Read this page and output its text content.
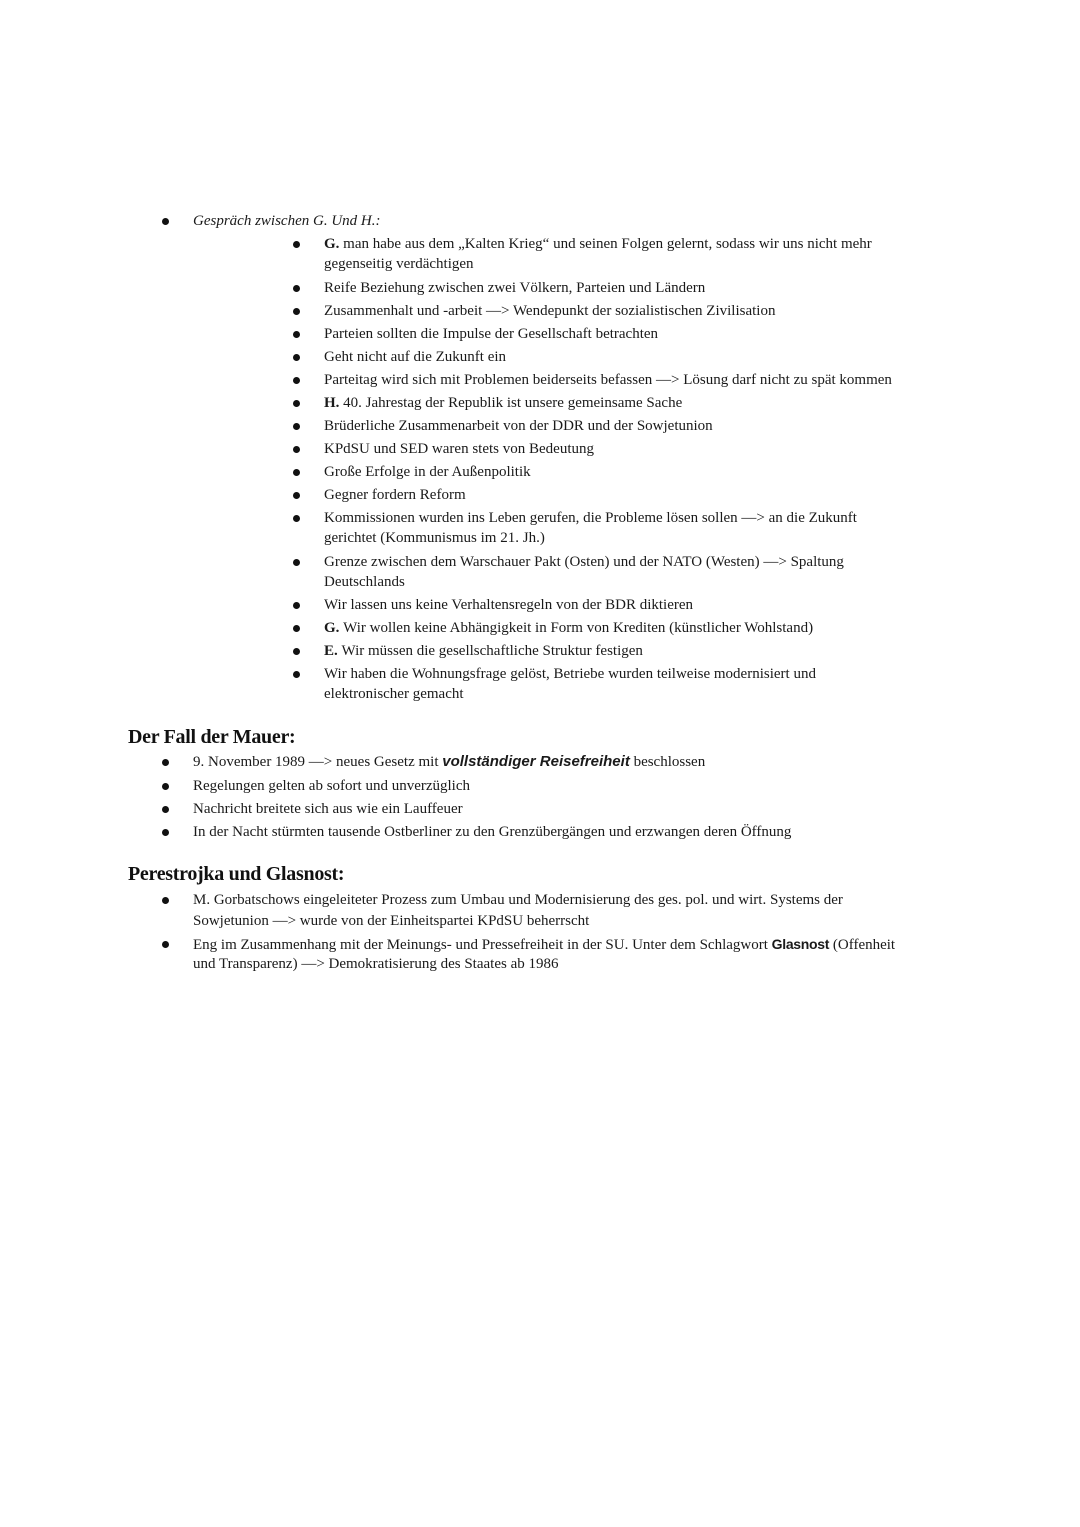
Gespräch zwischen G. Und H.:
G. man habe aus dem „Kalten Krieg“ und seinen Folgen gelernt, sodass wir uns nicht mehr
gegenseitig verdächtigen
Reife Beziehung zwischen zwei Völkern, Parteien und Ländern
Zusammenhalt und -arbeit —> Wendepunkt der sozialistischen Zivilisation
Parteien sollten die Impulse der Gesellschaft betrachten
Geht nicht auf die Zukunft ein
Parteitag wird sich mit Problemen beiderseits befassen —> Lösung darf nicht zu spät kommen
H. 40. Jahrestag der Republik ist unsere gemeinsame Sache
Brüderliche Zusammenarbeit von der DDR und der Sowjetunion
KPdSU und SED waren stets von Bedeutung
Große Erfolge in der Außenpolitik
Gegner fordern Reform
Kommissionen wurden ins Leben gerufen, die Probleme lösen sollen —> an die Zukunft
gerichtet (Kommunismus im 21. Jh.)
Grenze zwischen dem Warschauer Pakt (Osten) und der NATO (Westen) —> Spaltung
Deutschlands
Wir lassen uns keine Verhaltensregeln von der BDR diktieren
G. Wir wollen keine Abhängigkeit in Form von Krediten (künstlicher Wohlstand)
E. Wir müssen die gesellschaftliche Struktur festigen
Wir haben die Wohnungsfrage gelöst, Betriebe wurden teilweise modernisiert und
elektronischer gemacht
Der Fall der Mauer:
9. November 1989 —> neues Gesetz mit vollständiger Reisefreiheit beschlossen
Regelungen gelten ab sofort und unverzüglich
Nachricht breitete sich aus wie ein Lauffeuer
In der Nacht stürmten tausende Ostberliner zu den Grenzübergängen und erzwangen deren Öffnung
Perestrojka und Glasnost:
M. Gorbatschows eingeleiteter Prozess zum Umbau und Modernisierung des ges. pol. und wirt. Systems der
Sowjetunion —> wurde von der Einheitspartei KPdSU beherrscht
Eng im Zusammenhang mit der Meinungs- und Pressefreiheit in der SU. Unter dem Schlagwort Glasnost (Offenheit
und Transparenz) —> Demokratisierung des Staates ab 1986
